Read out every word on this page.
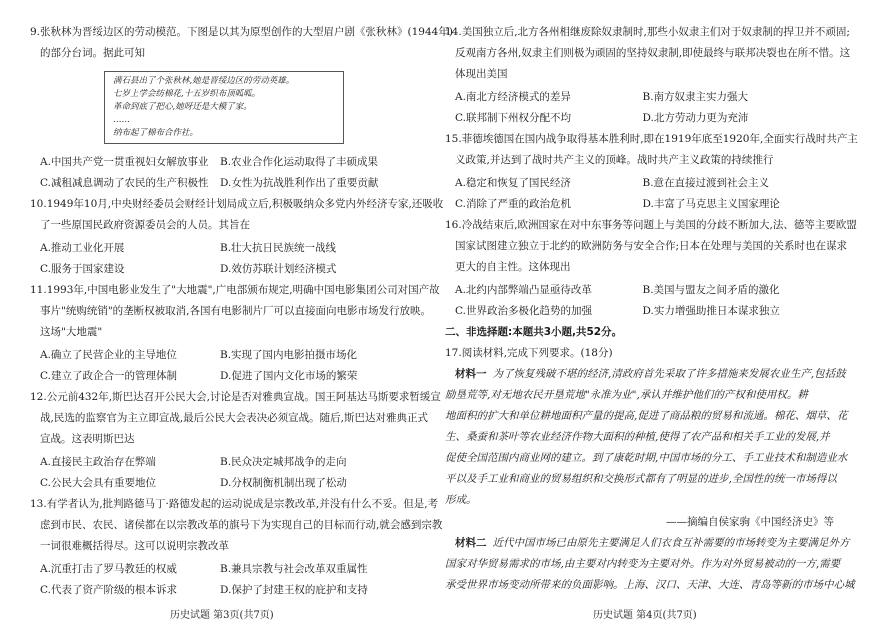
9.张秋林为晋绥边区的劳动模范。下图是以其为原型创作的大型眉户剧《张秋林》(1944年)
的部分台词。据此可知
满石县出了个张秋林,她是晋绥边区的劳动英雄。
七岁上学会纺棉花,十五岁织布顶呱呱。
革命到底了把心,她呀还是大模了家。
……
纳布起了棉布合作社。
A.中国共产党一贯重视妇女解放事业	B.农业合作化运动取得了丰硕成果
C.减租减息调动了农民的生产积极性	D.女性为抗战胜利作出了重要贡献
10.1949年10月,中央财经委员会财经计划局成立后,积极吸纳众多党内外经济专家,还吸收
了一些原国民政府资源委员会的人员。其旨在
A.推动工业化开展	B.壮大抗日民族统一战线
C.服务于国家建设	D.效仿苏联计划经济模式
11.1993年,中国电影业发生了"大地震",广电部颁布规定,明确中国电影集团公司对国产故
事片"统购统销"的垄断权被取消,各国有电影制片厂可以直接面向电影市场发行放映。
这场"大地震"
A.确立了民营企业的主导地位	B.实现了国内电影拍摄市场化
C.建立了政企合一的管理体制	D.促进了国内文化市场的繁荣
12.公元前432年,斯巴达召开公民大会,讨论是否对雅典宣战。国王阿基达马斯要求暂缓宣
战,民选的监察官为主立即宣战,最后公民大会表决必须宣战。随后,斯巴达对雅典正式
宣战。这表明斯巴达
A.直接民主政治存在弊端	B.民众决定城邦战争的走向
C.公民大会具有重要地位	D.分权制衡机制出现了松动
13.有学者认为,批判路德马丁·路德发起的运动说成是宗教改革,并没有什么不妥。但是,考
虑到市民、农民、诸侯都在以宗教改革的旗号下为实现自己的目标而行动,就会感到宗教
一词很难概括得尽。这可以说明宗教改革
A.沉重打击了罗马教廷的权威	B.兼具宗教与社会改革双重属性
C.代表了资产阶级的根本诉求	D.保护了封建王权的庇护和支持
14.美国独立后,北方各州相继废除奴隶制时,那些小奴隶主们对于奴隶制的捍卫并不顽固;
反观南方各州,奴隶主们则极为顽固的坚持奴隶制,即使最终与联邦决裂也在所不惜。这
体现出美国
A.南北方经济模式的差异	B.南方奴隶主实力强大
C.联邦制下州权分配不均	D.北方劳动力更为充沛
15.菲德埃德国在国内战争取得基本胜利时,即在1919年底至1920年,全面实行战时共产主
义政策,并达到了战时共产主义的顶峰。战时共产主义政策的持续推行
A.稳定和恢复了国民经济	B.意在直接过渡到社会主义
C.消除了严重的政治危机	D.丰富了马克思主义国家理论
16.冷战结束后,欧洲国家在对中东事务等问题上与美国的分歧不断加大,法、德等主要欧盟
国家试图建立独立于北约的欧洲防务与安全合作;日本在处理与美国的关系时也在谋求
更大的自主性。这体现出
A.北约内部弊端凸显亟待改革	B.美国与盟友之间矛盾的激化
C.世界政治多极化趋势的加强	D.实力增强助推日本谋求独立
二、非选择题:本题共3小题,共52分。
17.阅读材料,完成下列要求。(18分)
材料一 为了恢复残破不堪的经济,清政府首先采取了许多措施来发展农业生产,包括鼓
励垦荒等,对无地农民开垦荒地"永准为业",承认并维护他们的产权和使用权。耕
地面积的扩大和单位耕地面积产量的提高,促进了商品粮的贸易和流通。棉花、烟草、花
生、桑蚕和茶叶等农业经济作物大面积的种植,使得了农产品和相关手工业的发展,并
促使全国范围内商业网的建立。到了康乾时期,中国市场的分工、手工业技术和制造业水
平以及手工业和商业的贸易组织和交换形式都有了明显的进步,全国性的统一市场得以
形成。
——摘编自侯家驹《中国经济史》等
材料二 近代中国市场已由原先主要满足人们衣食互补需要的市场转变为主要满足外方
国家对华贸易需求的市场,由主要对内转变为主要对外。作为对外贸易被动的一方,需要
承受世界市场变动所带来的负面影响。上海、汉口、天津、大连、青岛等新的市场中心城
历史试题 第3页(共7页)	历史试题 第4页(共7页)
